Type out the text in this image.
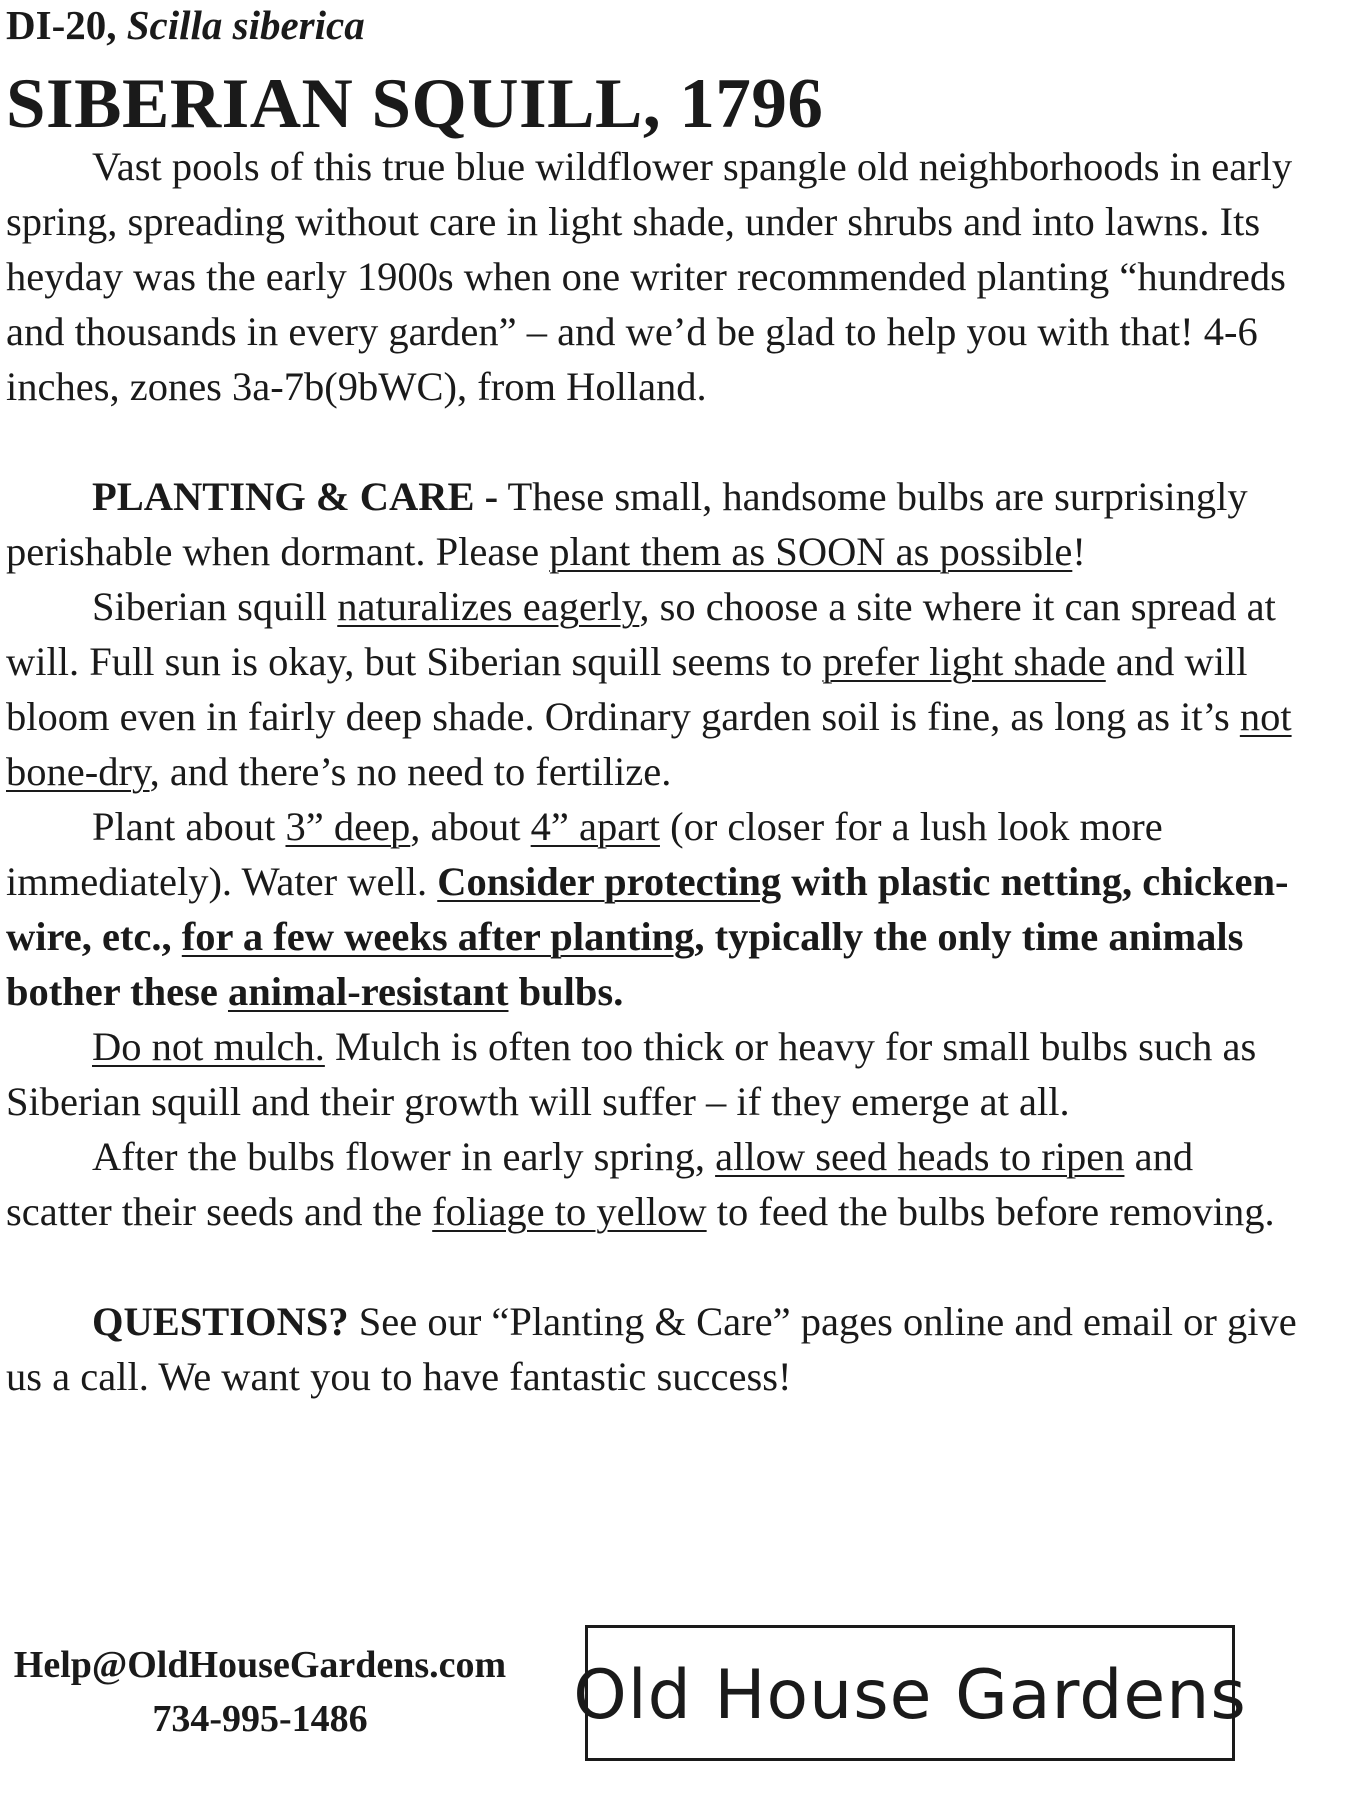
DI-20, Scilla siberica
SIBERIAN SQUILL, 1796

Vast pools of this true blue wildflower spangle old neighborhoods in early spring, spreading without care in light shade, under shrubs and into lawns. Its heyday was the early 1900s when one writer recommended planting “hundreds and thousands in every garden” – and we’d be glad to help you with that! 4-6 inches, zones 3a-7b(9bWC), from Holland.

PLANTING & CARE - These small, handsome bulbs are surprisingly perishable when dormant. Please plant them as SOON as possible!

Siberian squill naturalizes eagerly, so choose a site where it can spread at will. Full sun is okay, but Siberian squill seems to prefer light shade and will bloom even in fairly deep shade. Ordinary garden soil is fine, as long as it’s not bone-dry, and there’s no need to fertilize.

Plant about 3” deep, about 4” apart (or closer for a lush look more immediately). Water well. Consider protecting with plastic netting, chicken-wire, etc., for a few weeks after planting, typically the only time animals bother these animal-resistant bulbs.

Do not mulch. Mulch is often too thick or heavy for small bulbs such as Siberian squill and their growth will suffer – if they emerge at all.

After the bulbs flower in early spring, allow seed heads to ripen and scatter their seeds and the foliage to yellow to feed the bulbs before removing.

QUESTIONS? See our “Planting & Care” pages online and email or give us a call. We want you to have fantastic success!

Help@OldHouseGardens.com
734-995-1486	Old House Gardens
